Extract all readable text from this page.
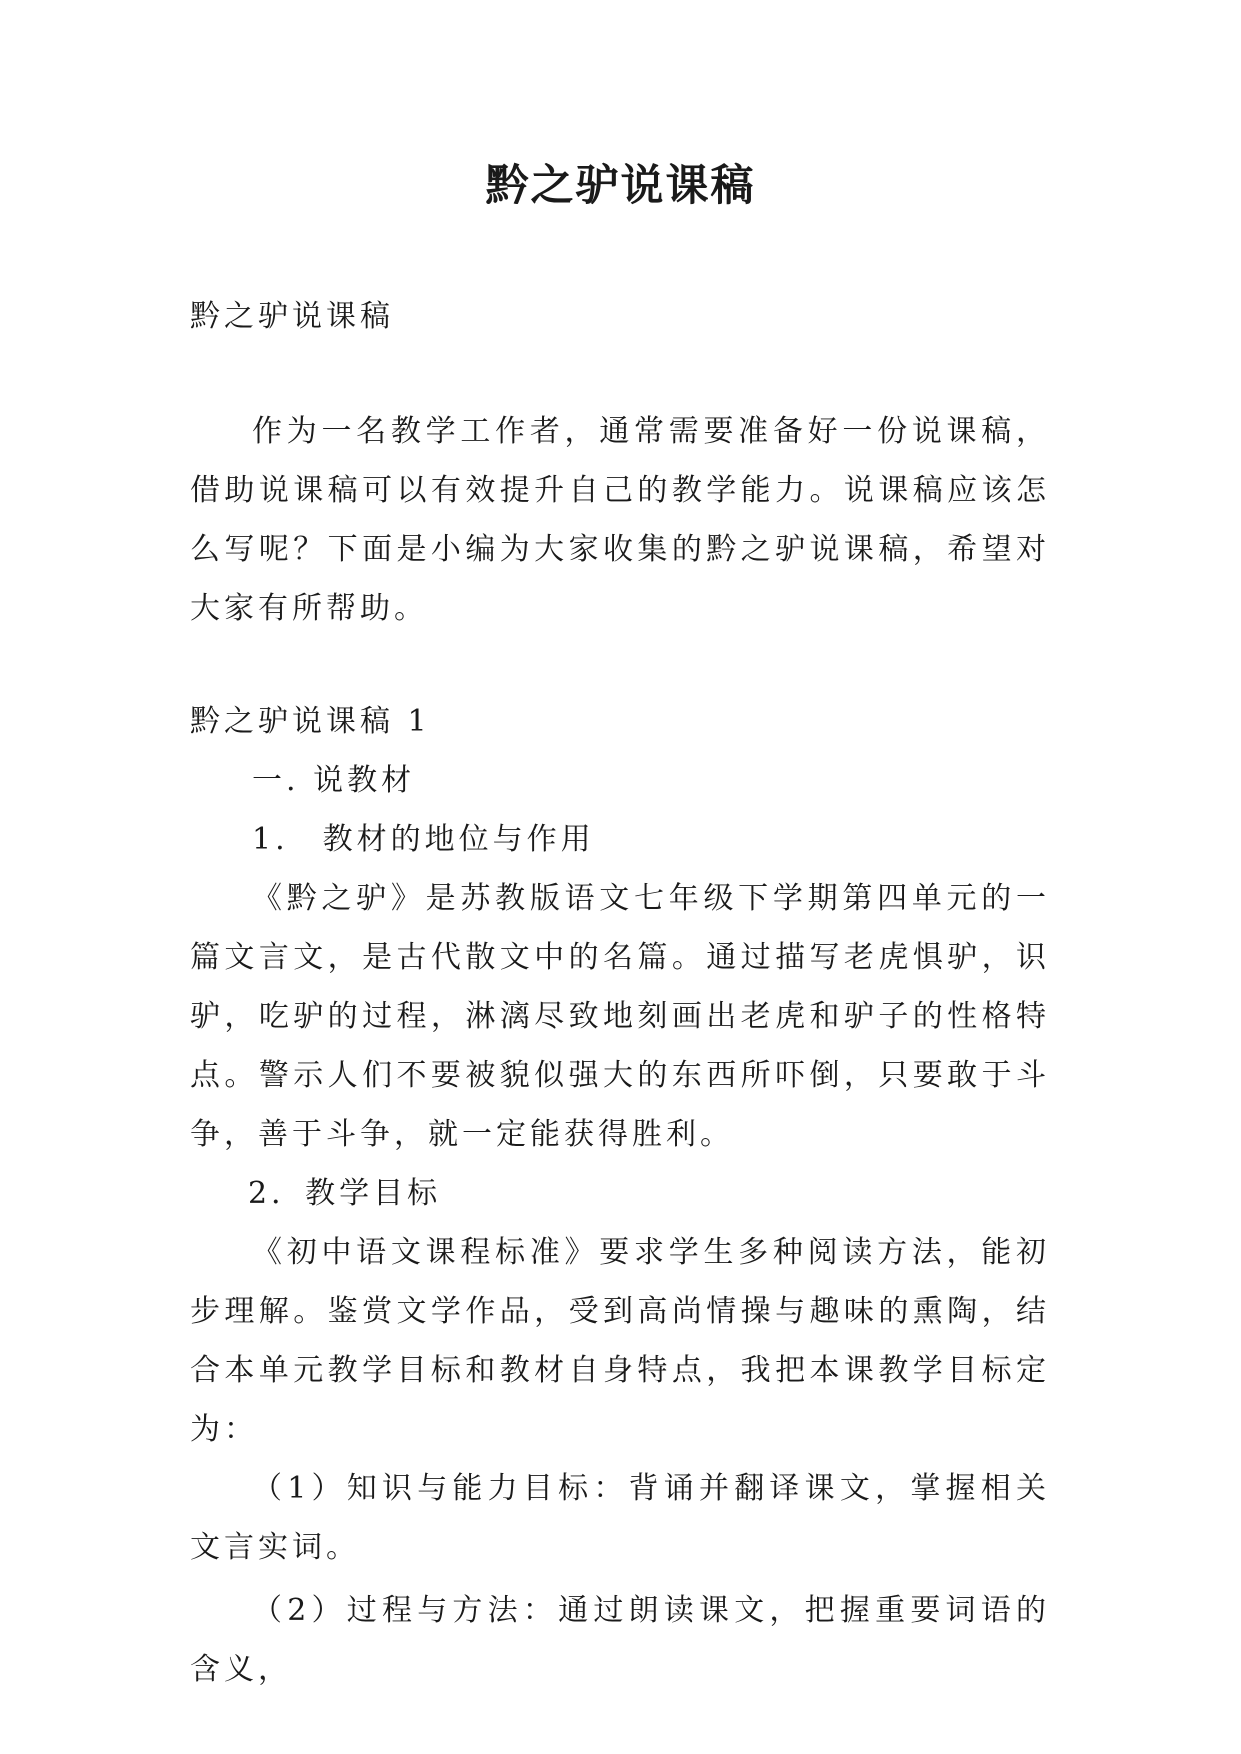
黔之驴说课稿
黔之驴说课稿

作为一名教学工作者，通常需要准备好一份说课稿，借助说课稿可以有效提升自己的教学能力。说课稿应该怎么写呢？下面是小编为大家收集的黔之驴说课稿，希望对大家有所帮助。

黔之驴说课稿 1

一. 说教材

1.　教材的地位与作用

《黔之驴》是苏教版语文七年级下学期第四单元的一篇文言文，是古代散文中的名篇。通过描写老虎惧驴，识驴，吃驴的过程，淋漓尽致地刻画出老虎和驴子的性格特点。警示人们不要被貌似强大的东西所吓倒，只要敢于斗争，善于斗争，就一定能获得胜利。

2．教学目标

《初中语文课程标准》要求学生多种阅读方法，能初步理解。鉴赏文学作品，受到高尚情操与趣味的熏陶，结合本单元教学目标和教材自身特点，我把本课教学目标定为：

（1）知识与能力目标：背诵并翻译课文，掌握相关文言实词。

（2）过程与方法：通过朗读课文，把握重要词语的含义，
